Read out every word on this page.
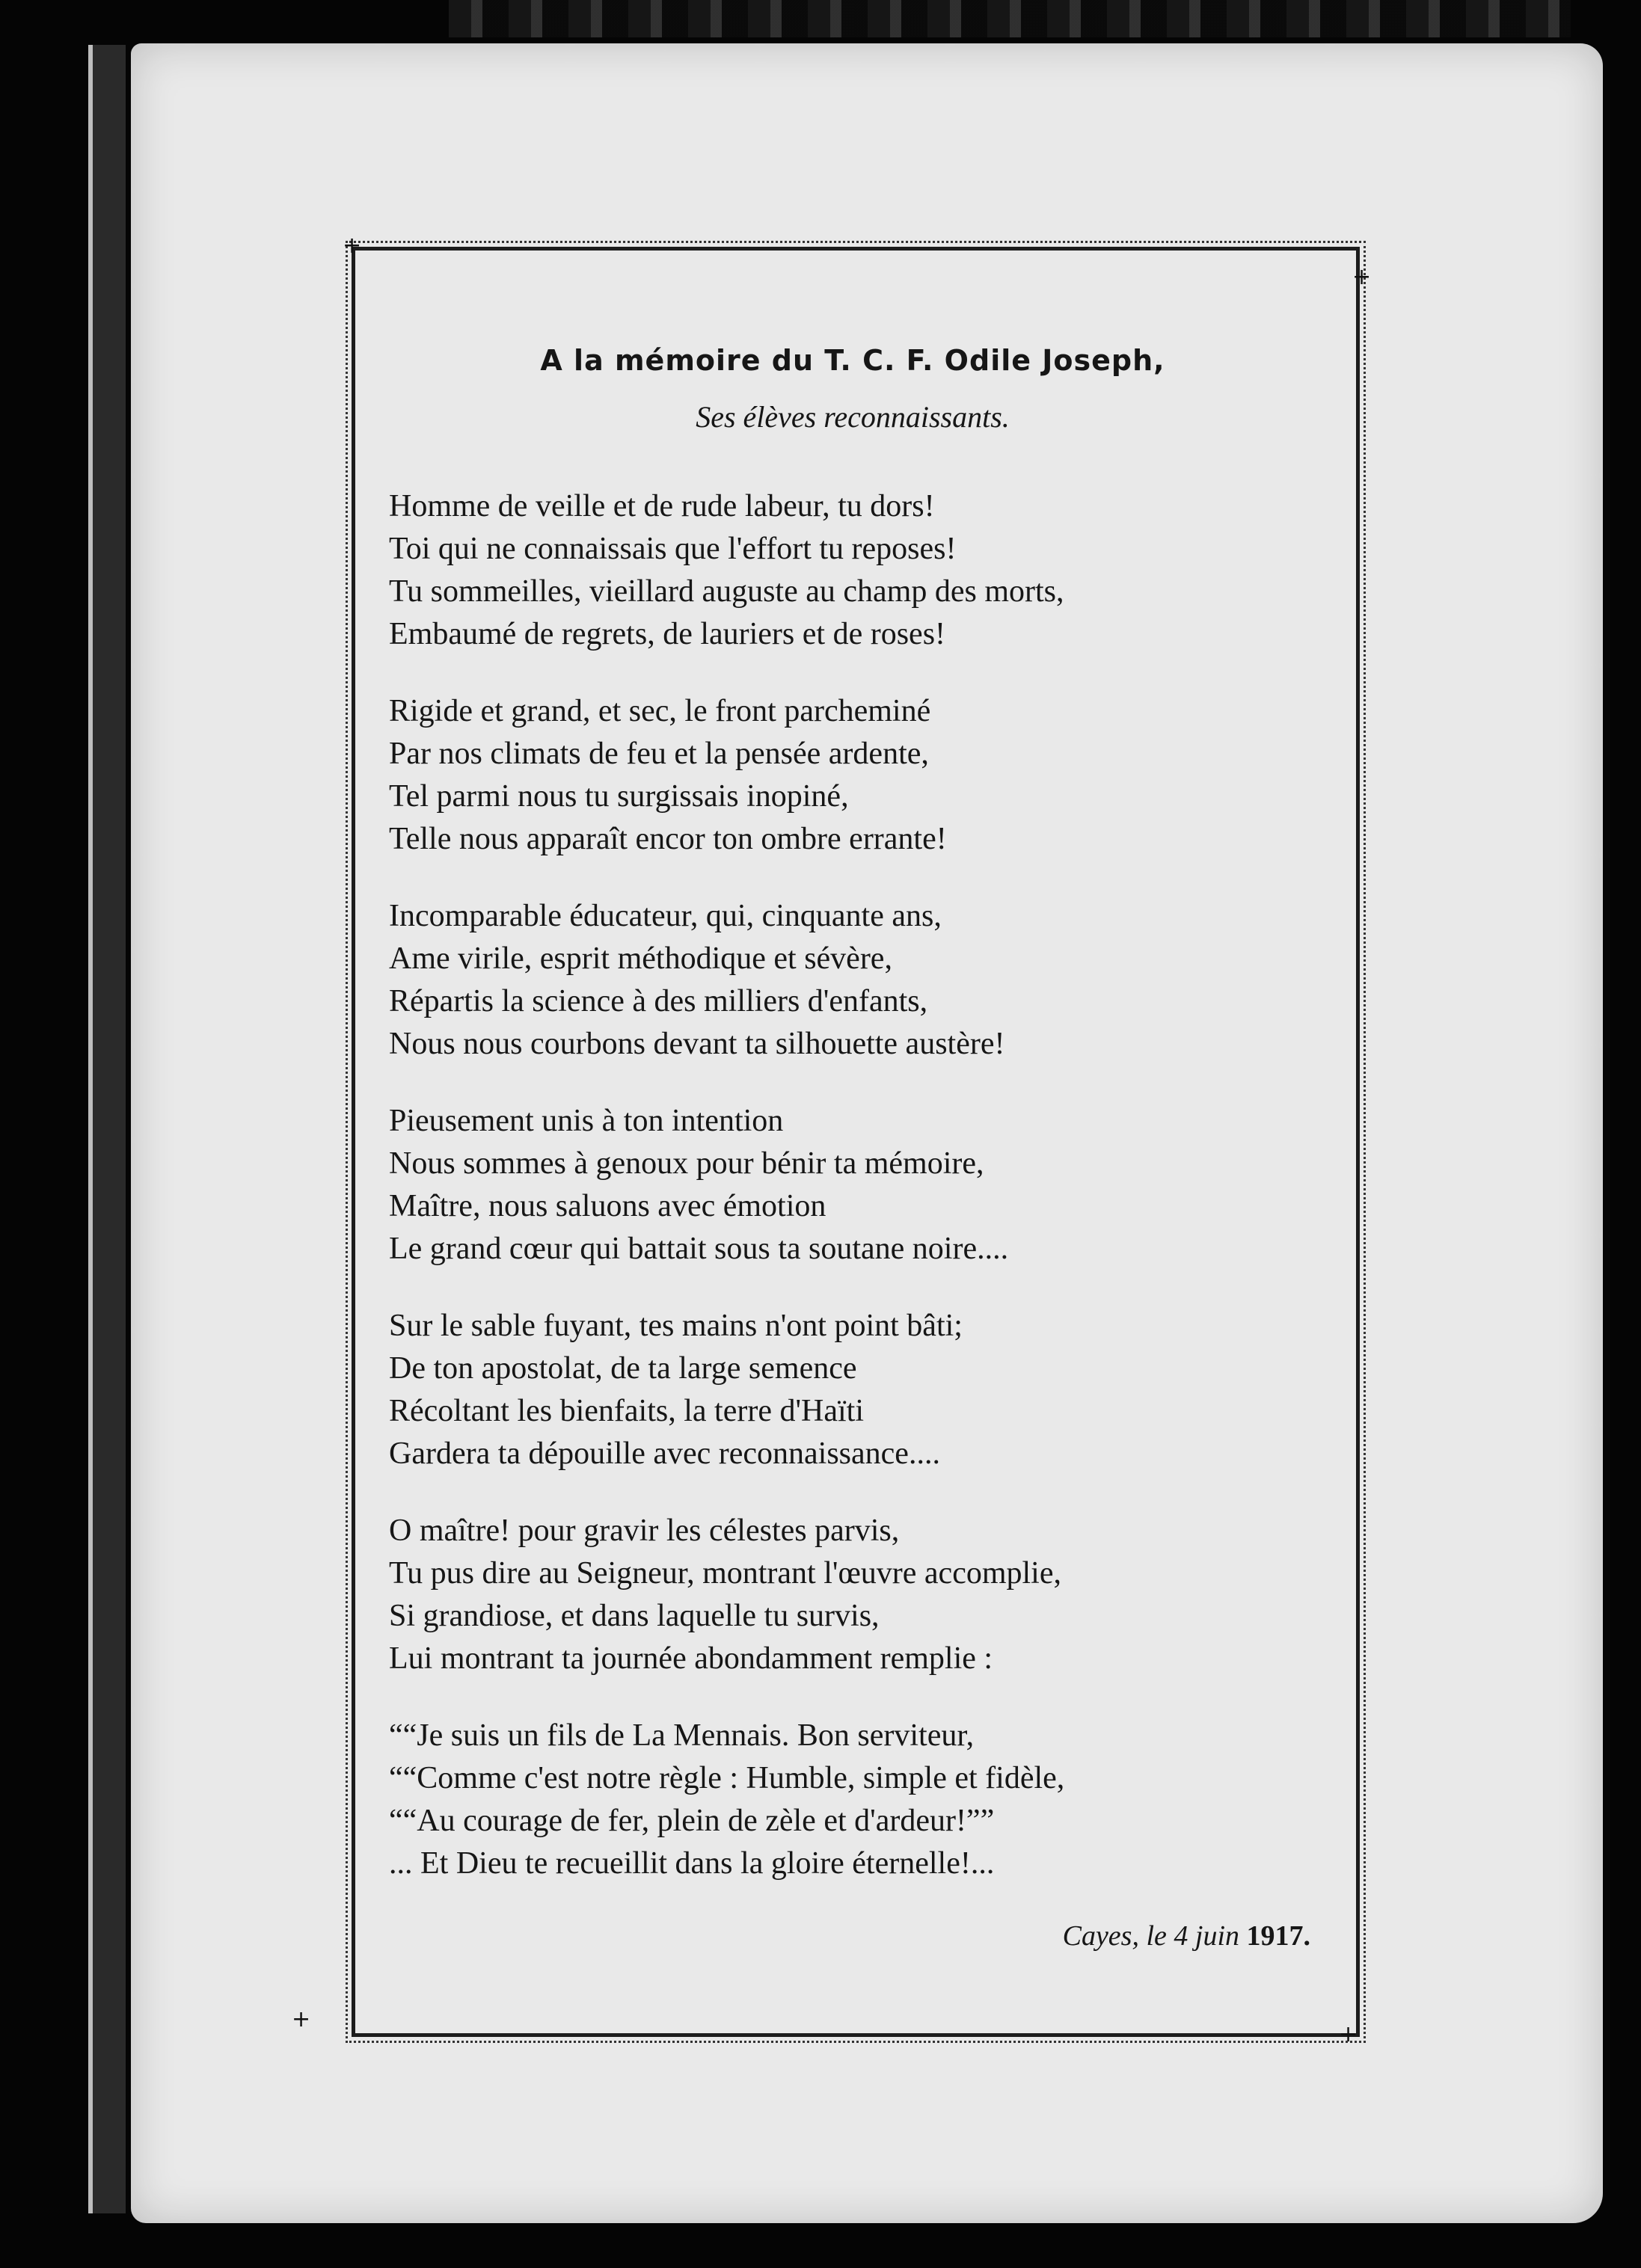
+
+
+
+
A la mémoire du T. C. F. Odile Joseph,
Ses élèves reconnaissants.
Homme de veille et de rude labeur, tu dors!
Toi qui ne connaissais que l'effort tu reposes!
Tu sommeilles, vieillard auguste au champ des morts,
Embaumé de regrets, de lauriers et de roses!
Rigide et grand, et sec, le front parcheminé
Par nos climats de feu et la pensée ardente,
Tel parmi nous tu surgissais inopiné,
Telle nous apparaît encor ton ombre errante!
Incomparable éducateur, qui, cinquante ans,
Ame virile, esprit méthodique et sévère,
Répartis la science à des milliers d'enfants,
Nous nous courbons devant ta silhouette austère!
Pieusement unis à ton intention
Nous sommes à genoux pour bénir ta mémoire,
Maître, nous saluons avec émotion
Le grand cœur qui battait sous ta soutane noire....
Sur le sable fuyant, tes mains n'ont point bâti;
De ton apostolat, de ta large semence
Récoltant les bienfaits, la terre d'Haïti
Gardera ta dépouille avec reconnaissance....
O maître! pour gravir les célestes parvis,
Tu pus dire au Seigneur, montrant l'œuvre accomplie,
Si grandiose, et dans laquelle tu survis,
Lui montrant ta journée abondamment remplie :
““Je suis un fils de La Mennais. Bon serviteur,
““Comme c'est notre règle : Humble, simple et fidèle,
““Au courage de fer, plein de zèle et d'ardeur!””
... Et Dieu te recueillit dans la gloire éternelle!...
Cayes, le 4 juin 1917.
